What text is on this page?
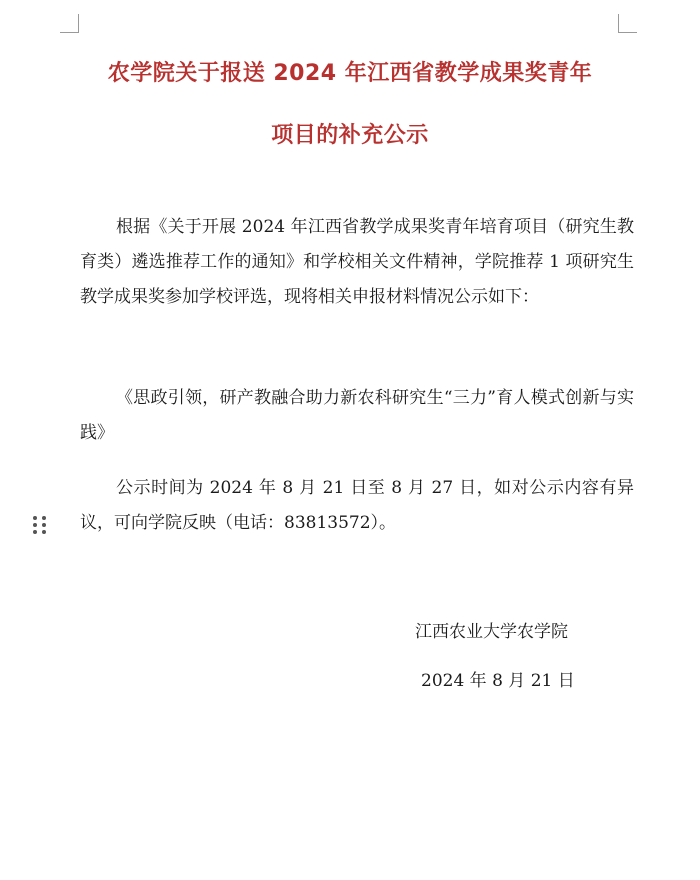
农学院关于报送 2024 年江西省教学成果奖青年
项目的补充公示

根据《关于开展 2024 年江西省教学成果奖青年培育项目（研究生教育类）遴选推荐工作的通知》和学校相关文件精神，学院推荐 1 项研究生教学成果奖参加学校评选，现将相关申报材料情况公示如下：

《思政引领，研产教融合助力新农科研究生“三力”育人模式创新与实践》

公示时间为 2024 年 8 月 21 日至 8 月 27 日，如对公示内容有异议，可向学院反映（电话：83813572）。

江西农业大学农学院

2024 年 8 月 21 日
